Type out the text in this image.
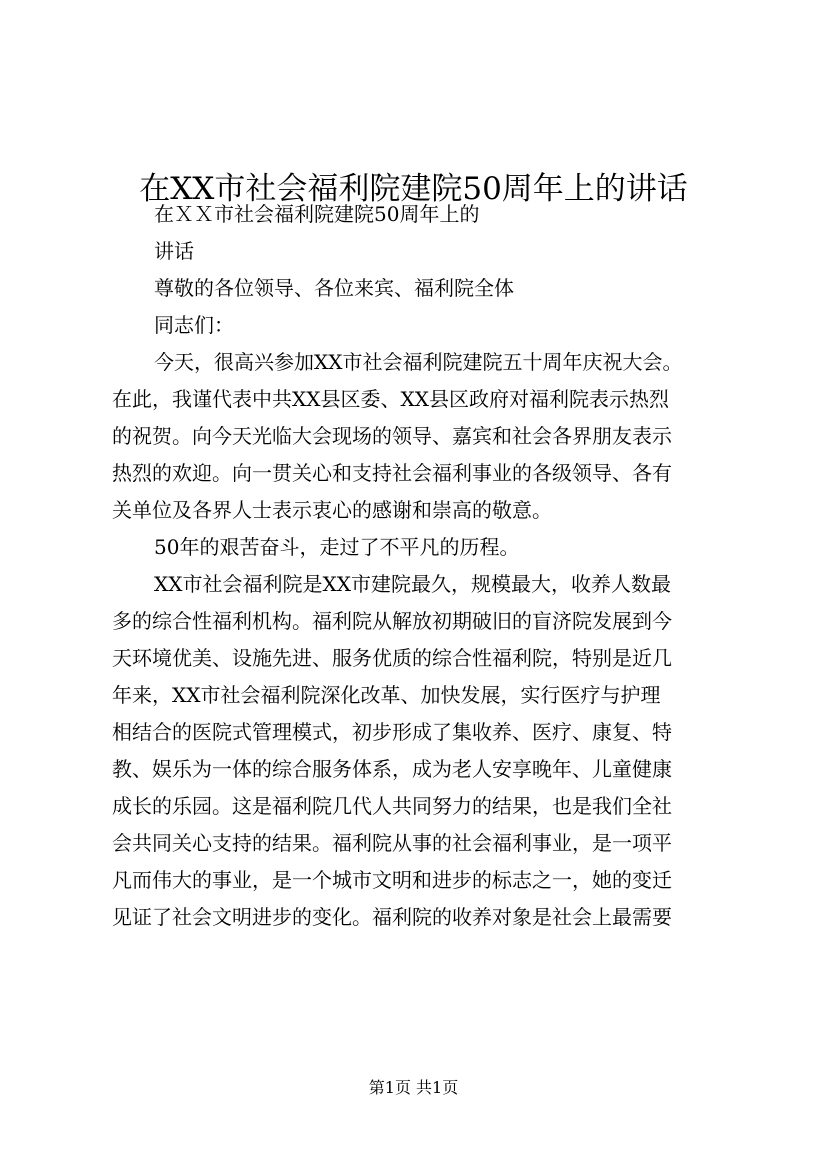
在XX市社会福利院建院50周年上的讲话
在ＸＸ市社会福利院建院50周年上的
讲话
尊敬的各位领导、各位来宾、福利院全体
同志们：
今天，很高兴参加XX市社会福利院建院五十周年庆祝大会。
在此，我谨代表中共XX县区委、XX县区政府对福利院表示热烈
的祝贺。向今天光临大会现场的领导、嘉宾和社会各界朋友表示
热烈的欢迎。向一贯关心和支持社会福利事业的各级领导、各有
关单位及各界人士表示衷心的感谢和崇高的敬意。
50年的艰苦奋斗，走过了不平凡的历程。
XX市社会福利院是XX市建院最久，规模最大，收养人数最
多的综合性福利机构。福利院从解放初期破旧的盲济院发展到今
天环境优美、设施先进、服务优质的综合性福利院，特别是近几
年来，XX市社会福利院深化改革、加快发展，实行医疗与护理
相结合的医院式管理模式，初步形成了集收养、医疗、康复、特
教、娱乐为一体的综合服务体系，成为老人安享晚年、儿童健康
成长的乐园。这是福利院几代人共同努力的结果，也是我们全社
会共同关心支持的结果。福利院从事的社会福利事业，是一项平
凡而伟大的事业，是一个城市文明和进步的标志之一，她的变迁
见证了社会文明进步的变化。福利院的收养对象是社会上最需要
第1页 共1页
